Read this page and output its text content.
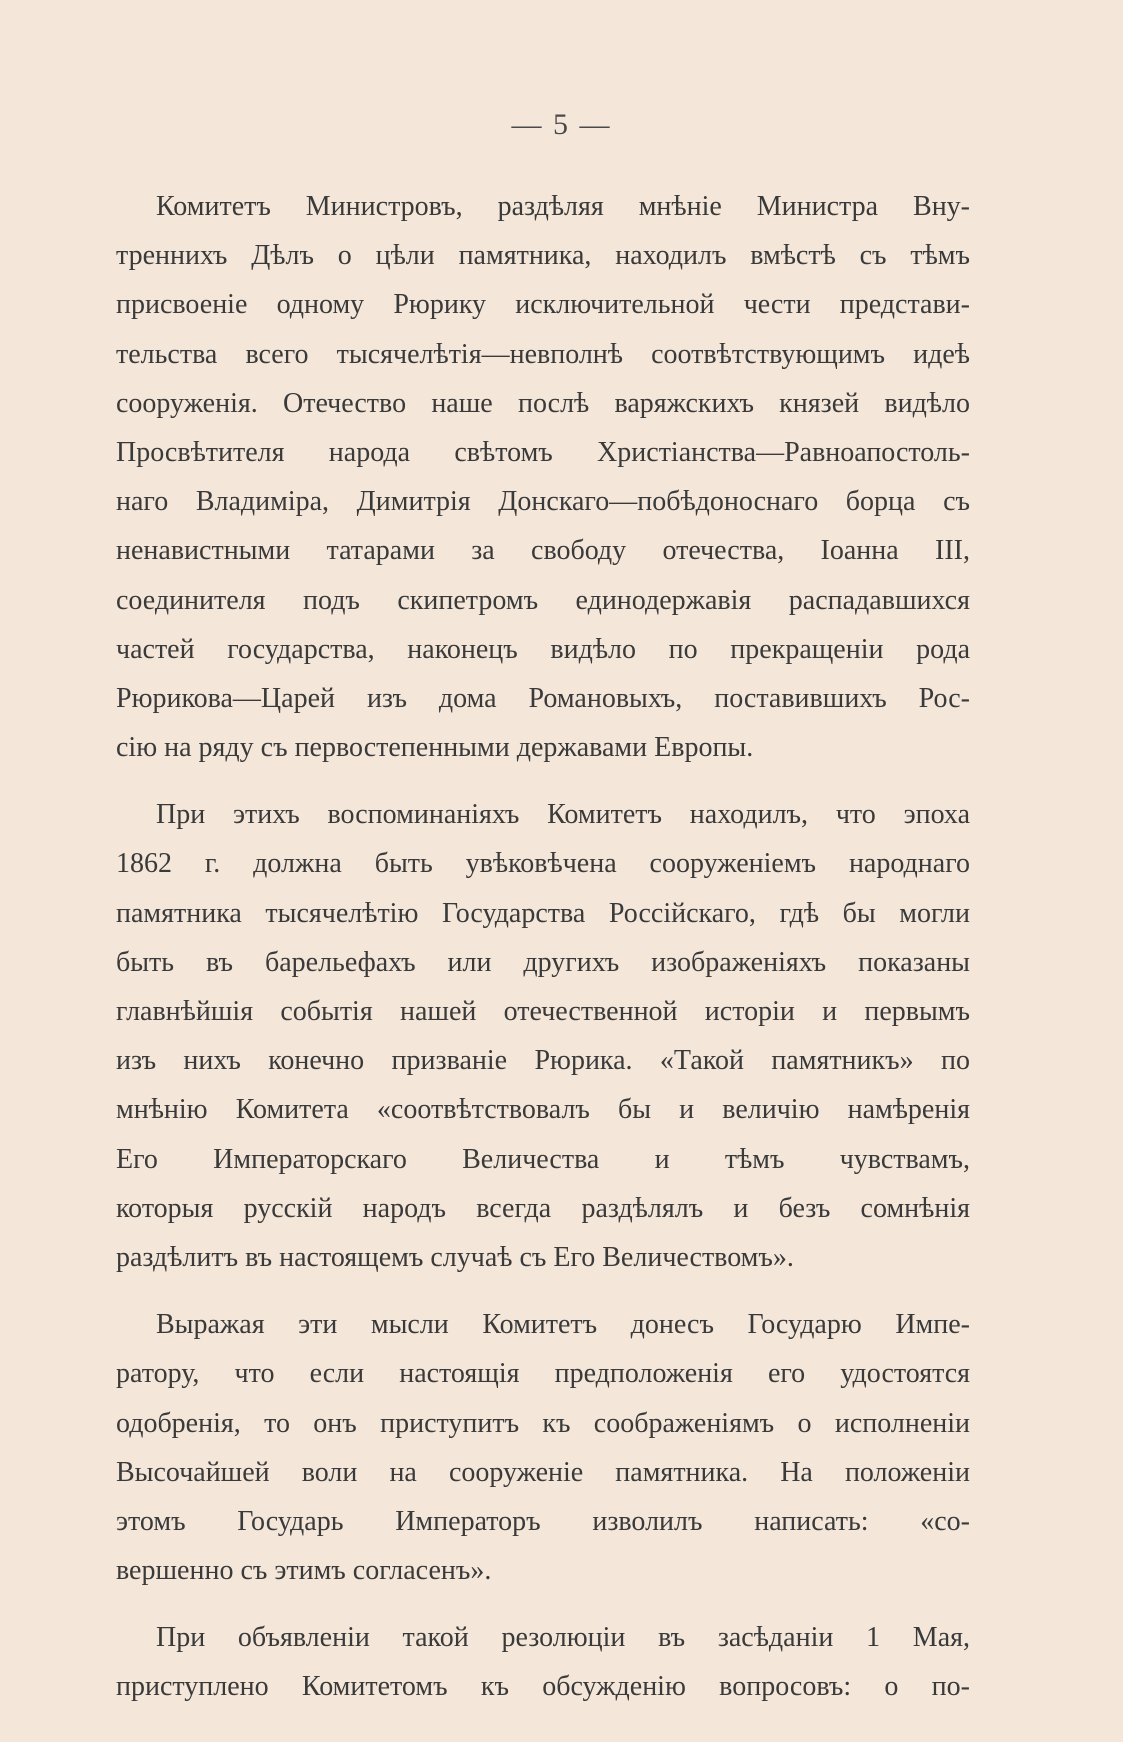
— 5 —
Комитетъ Министровъ, раздѣляя мнѣніе Министра Вну-
треннихъ Дѣлъ о цѣли памятника, находилъ вмѣстѣ съ тѣмъ
присвоеніе одному Рюрику исключительной чести представи-
тельства всего тысячелѣтія—невполнѣ соотвѣтствующимъ идеѣ
сооруженія. Отечество наше послѣ варяжскихъ князей видѣло
Просвѣтителя народа свѣтомъ Христіанства—Равноапостоль-
наго Владиміра, Димитрія Донскаго—побѣдоноснаго борца съ
ненавистными татарами за свободу отечества, Іоанна III,
соединителя подъ скипетромъ единодержавія распадавшихся
частей государства, наконецъ видѣло по прекращеніи рода
Рюрикова—Царей изъ дома Романовыхъ, поставившихъ Рос-
сію на ряду съ первостепенными державами Европы.
При этихъ воспоминаніяхъ Комитетъ находилъ, что эпоха
1862 г. должна быть увѣковѣчена сооруженіемъ народнаго
памятника тысячелѣтію Государства Россійскаго, гдѣ бы могли
быть въ барельефахъ или другихъ изображеніяхъ показаны
главнѣйшія событія нашей отечественной исторіи и первымъ
изъ нихъ конечно призваніе Рюрика. «Такой памятникъ» по
мнѣнію Комитета «соотвѣтствовалъ бы и величію намѣренія
Его Императорскаго Величества и тѣмъ чувствамъ,
которыя русскій народъ всегда раздѣлялъ и безъ сомнѣнія
раздѣлитъ въ настоящемъ случаѣ съ Его Величествомъ».
Выражая эти мысли Комитетъ донесъ Государю Импе-
ратору, что если настоящія предположенія его удостоятся
одобренія, то онъ приступитъ къ соображеніямъ о исполненіи
Высочайшей воли на сооруженіе памятника. На положеніи
этомъ Государь Императоръ изволилъ написать: «со-
вершенно съ этимъ согласенъ».
При объявленіи такой резолюціи въ засѣданіи 1 Мая,
приступлено Комитетомъ къ обсужденію вопросовъ: о по-
